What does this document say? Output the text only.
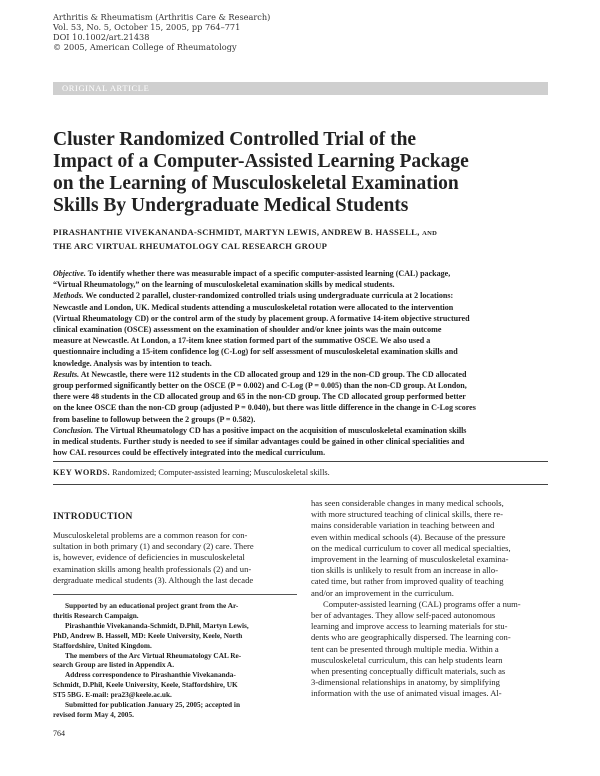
Arthritis & Rheumatism (Arthritis Care & Research)
Vol. 53, No. 5, October 15, 2005, pp 764–771
DOI 10.1002/art.21438
© 2005, American College of Rheumatology
ORIGINAL ARTICLE
Cluster Randomized Controlled Trial of the
Impact of a Computer-Assisted Learning Package
on the Learning of Musculoskeletal Examination
Skills By Undergraduate Medical Students
PIRASHANTHIE VIVEKANANDA-SCHMIDT, MARTYN LEWIS, ANDREW B. HASSELL, AND
THE ARC VIRTUAL RHEUMATOLOGY CAL RESEARCH GROUP
Objective. To identify whether there was measurable impact of a specific computer-assisted learning (CAL) package,
“Virtual Rheumatology,” on the learning of musculoskeletal examination skills by medical students.
Methods. We conducted 2 parallel, cluster-randomized controlled trials using undergraduate curricula at 2 locations:
Newcastle and London, UK. Medical students attending a musculoskeletal rotation were allocated to the intervention
(Virtual Rheumatology CD) or the control arm of the study by placement group. A formative 14-item objective structured
clinical examination (OSCE) assessment on the examination of shoulder and/or knee joints was the main outcome
measure at Newcastle. At London, a 17-item knee station formed part of the summative OSCE. We also used a
questionnaire including a 15-item confidence log (C-Log) for self assessment of musculoskeletal examination skills and
knowledge. Analysis was by intention to teach.
Results. At Newcastle, there were 112 students in the CD allocated group and 129 in the non-CD group. The CD allocated
group performed significantly better on the OSCE (P = 0.002) and C-Log (P = 0.005) than the non-CD group. At London,
there were 48 students in the CD allocated group and 65 in the non-CD group. The CD allocated group performed better
on the knee OSCE than the non-CD group (adjusted P = 0.040), but there was little difference in the change in C-Log scores
from baseline to followup between the 2 groups (P = 0.582).
Conclusion. The Virtual Rheumatology CD has a positive impact on the acquisition of musculoskeletal examination skills
in medical students. Further study is needed to see if similar advantages could be gained in other clinical specialities and
how CAL resources could be effectively integrated into the medical curriculum.
KEY WORDS. Randomized; Computer-assisted learning; Musculoskeletal skills.
INTRODUCTION
Musculoskeletal problems are a common reason for con-
sultation in both primary (1) and secondary (2) care. There
is, however, evidence of deficiencies in musculoskeletal
examination skills among health professionals (2) and un-
dergraduate medical students (3). Although the last decade
Supported by an educational project grant from the Ar-
thritis Research Campaign.
Pirashanthie Vivekananda-Schmidt, D.Phil, Martyn Lewis,
PhD, Andrew B. Hassell, MD: Keele University, Keele, North
Staffordshire, United Kingdom.
The members of the Arc Virtual Rheumatology CAL Re-
search Group are listed in Appendix A.
Address correspondence to Pirashanthie Vivekananda-
Schmidt, D.Phil, Keele University, Keele, Staffordshire, UK
ST5 5BG. E-mail: pra23@keele.ac.uk.
Submitted for publication January 25, 2005; accepted in
revised form May 4, 2005.
has seen considerable changes in many medical schools,
with more structured teaching of clinical skills, there re-
mains considerable variation in teaching between and
even within medical schools (4). Because of the pressure
on the medical curriculum to cover all medical specialties,
improvement in the learning of musculoskeletal examina-
tion skills is unlikely to result from an increase in allo-
cated time, but rather from improved quality of teaching
and/or an improvement in the curriculum.
Computer-assisted learning (CAL) programs offer a num-
ber of advantages. They allow self-paced autonomous
learning and improve access to learning materials for stu-
dents who are geographically dispersed. The learning con-
tent can be presented through multiple media. Within a
musculoskeletal curriculum, this can help students learn
when presenting conceptually difficult materials, such as
3-dimensional relationships in anatomy, by simplifying
information with the use of animated visual images. Al-
764
